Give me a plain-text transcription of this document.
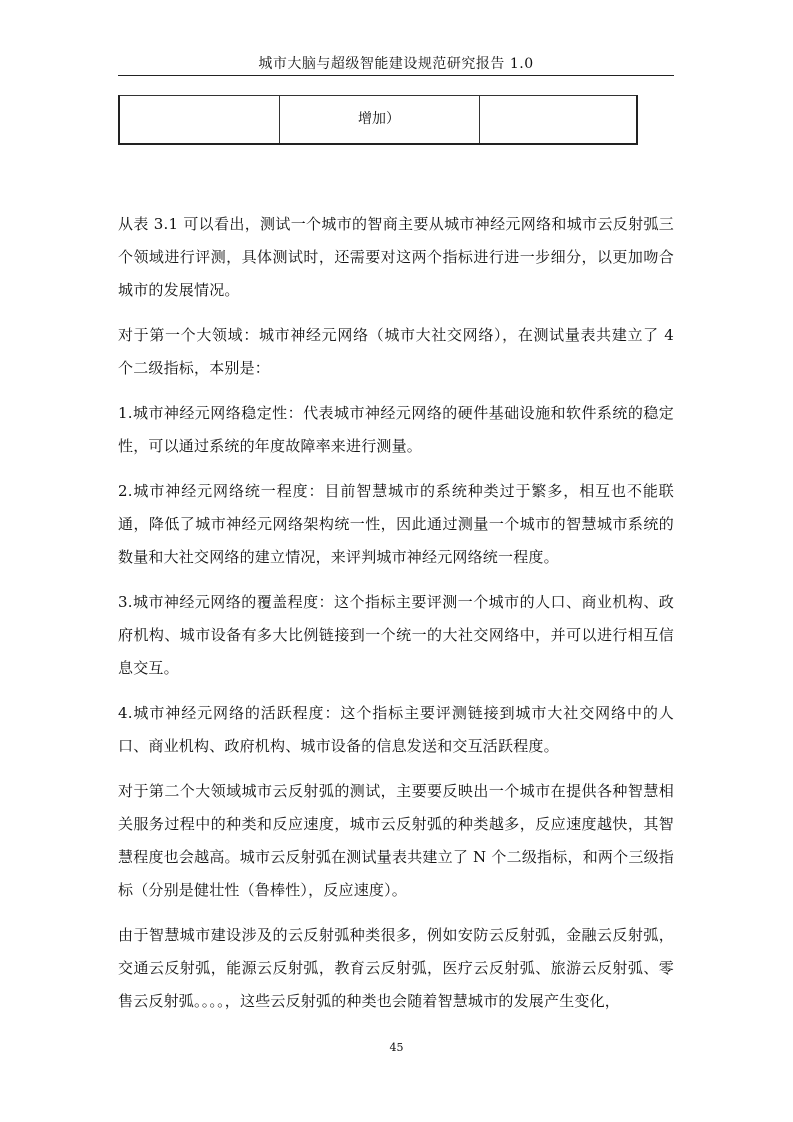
城市大脑与超级智能建设规范研究报告 1.0
	增加）	

从表 3.1 可以看出，测试一个城市的智商主要从城市神经元网络和城市云反射弧三个领域进行评测，具体测试时，还需要对这两个指标进行进一步细分，以更加吻合城市的发展情况。

对于第一个大领域：城市神经元网络（城市大社交网络），在测试量表共建立了 4 个二级指标，本别是：

1.城市神经元网络稳定性：代表城市神经元网络的硬件基础设施和软件系统的稳定性，可以通过系统的年度故障率来进行测量。

2.城市神经元网络统一程度：目前智慧城市的系统种类过于繁多，相互也不能联通，降低了城市神经元网络架构统一性，因此通过测量一个城市的智慧城市系统的数量和大社交网络的建立情况，来评判城市神经元网络统一程度。

3.城市神经元网络的覆盖程度：这个指标主要评测一个城市的人口、商业机构、政府机构、城市设备有多大比例链接到一个统一的大社交网络中，并可以进行相互信息交互。

4.城市神经元网络的活跃程度：这个指标主要评测链接到城市大社交网络中的人口、商业机构、政府机构、城市设备的信息发送和交互活跃程度。

对于第二个大领域城市云反射弧的测试，主要要反映出一个城市在提供各种智慧相关服务过程中的种类和反应速度，城市云反射弧的种类越多，反应速度越快，其智慧程度也会越高。城市云反射弧在测试量表共建立了 N 个二级指标，和两个三级指标（分别是健壮性（鲁棒性），反应速度）。

由于智慧城市建设涉及的云反射弧种类很多，例如安防云反射弧，金融云反射弧，交通云反射弧，能源云反射弧，教育云反射弧，医疗云反射弧、旅游云反射弧、零售云反射弧。。。。，这些云反射弧的种类也会随着智慧城市的发展产生变化，

45
